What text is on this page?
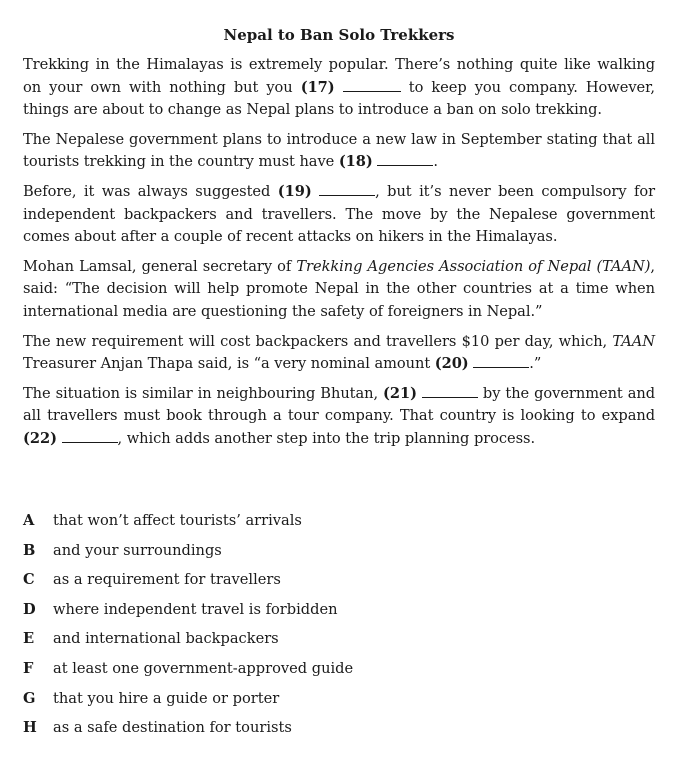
Nepal to Ban Solo Trekkers

Trekking in the Himalayas is extremely popular. There’s nothing quite like walking on your own with nothing but you (17)	to keep you company. However, things are about to change as Nepal plans to introduce a ban on solo trekking.

The Nepalese government plans to introduce a new law in September stating that all tourists trekking in the country must have (18)	.

Before, it was always suggested (19)	, but it’s never been compulsory for independent backpackers and travellers. The move by the Nepalese government comes about after a couple of recent attacks on hikers in the Himalayas.

Mohan Lamsal, general secretary of Trekking Agencies Association of Nepal (TAAN), said: “The decision will help promote Nepal in the other countries at a time when international media are questioning the safety of foreigners in Nepal.”

The new requirement will cost backpackers and travellers $10 per day, which, TAAN Treasurer Anjan Thapa said, is “a very nominal amount (20)	.”

The situation is similar in neighbouring Bhutan, (21)	by the government and all travellers must book through a tour company. That country is looking to expand (22)	, which adds another step into the trip planning process.

A that won’t affect tourists’ arrivals
B and your surroundings
C as a requirement for travellers
D where independent travel is forbidden
E and international backpackers
F at least one government-approved guide
G that you hire a guide or porter
H as a safe destination for tourists
